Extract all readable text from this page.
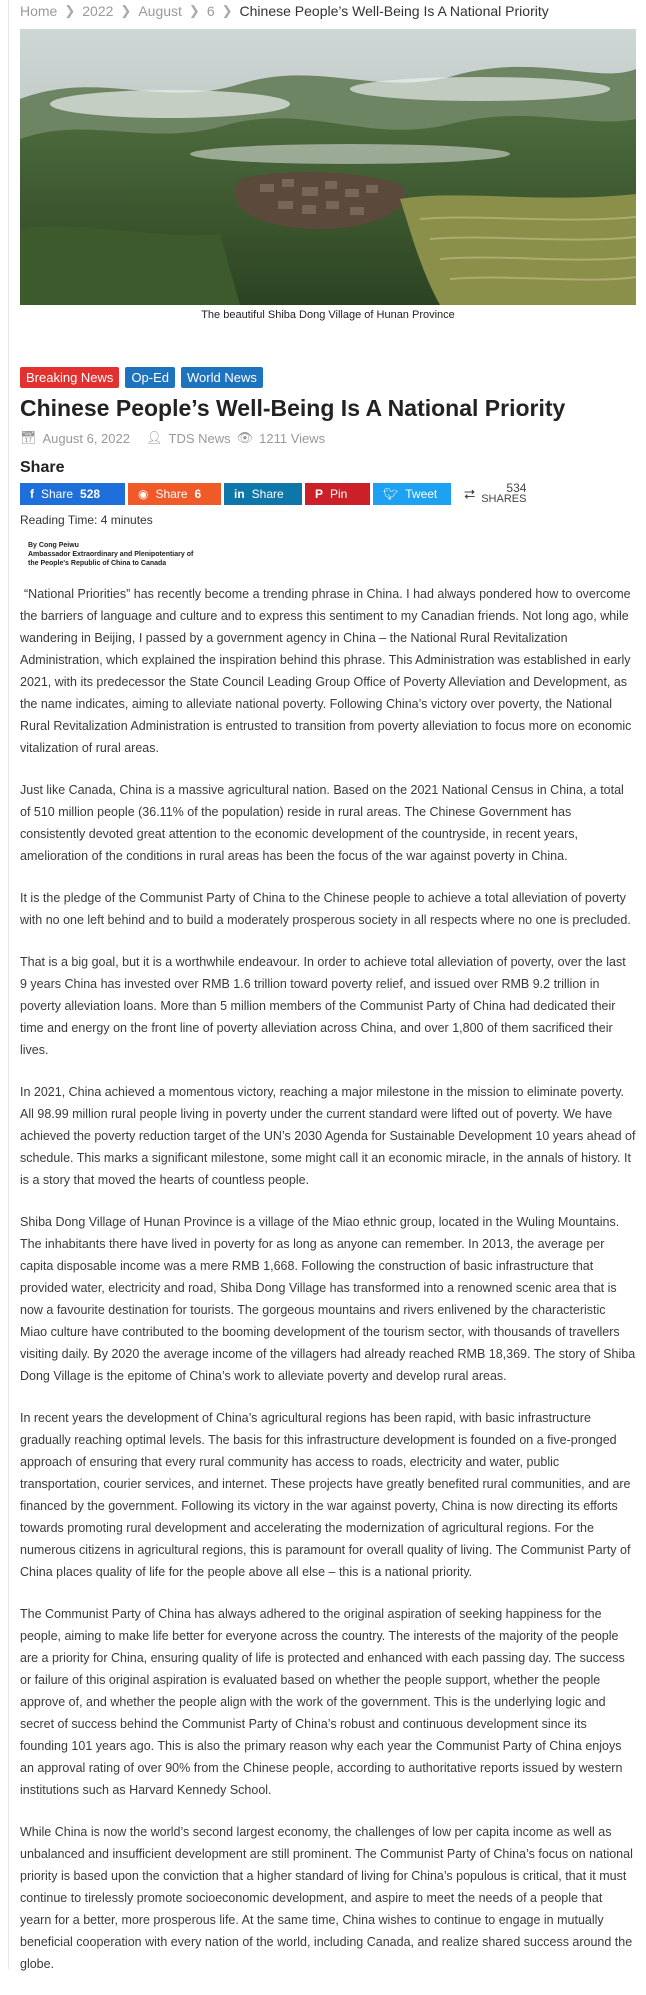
Home ❯ 2022 ❯ August ❯ 6 ❯ Chinese People’s Well-Being Is A National Priority
The beautiful Shiba Dong Village of Hunan Province
Breaking News	Op-Ed	World News
Chinese People’s Well-Being Is A National Priority
📅︎ August 6, 2022 👤︎ TDS News 👁︎ 1211 Views
Share
f Share 528	◉ Share 6	in Share	P Pin	🐦︎ Tweet ⮂	534
SHARES
Reading Time: 4 minutes
By Cong Peiwu
Ambassador Extraordinary and Plenipotentiary of
the People's Republic of China to Canada

“National Priorities” has recently become a trending phrase in China. I had always pondered how to overcome the barriers of language and culture and to express this sentiment to my Canadian friends. Not long ago, while wandering in Beijing, I passed by a government agency in China – the National Rural Revitalization Administration, which explained the inspiration behind this phrase. This Administration was established in early 2021, with its predecessor the State Council Leading Group Office of Poverty Alleviation and Development, as the name indicates, aiming to alleviate national poverty. Following China’s victory over poverty, the National Rural Revitalization Administration is entrusted to transition from poverty alleviation to focus more on economic vitalization of rural areas.

Just like Canada, China is a massive agricultural nation. Based on the 2021 National Census in China, a total of 510 million people (36.11% of the population) reside in rural areas. The Chinese Government has consistently devoted great attention to the economic development of the countryside, in recent years, amelioration of the conditions in rural areas has been the focus of the war against poverty in China.

It is the pledge of the Communist Party of China to the Chinese people to achieve a total alleviation of poverty with no one left behind and to build a moderately prosperous society in all respects where no one is precluded.

That is a big goal, but it is a worthwhile endeavour. In order to achieve total alleviation of poverty, over the last 9 years China has invested over RMB 1.6 trillion toward poverty relief, and issued over RMB 9.2 trillion in poverty alleviation loans. More than 5 million members of the Communist Party of China had dedicated their time and energy on the front line of poverty alleviation across China, and over 1,800 of them sacrificed their lives.

In 2021, China achieved a momentous victory, reaching a major milestone in the mission to eliminate poverty. All 98.99 million rural people living in poverty under the current standard were lifted out of poverty. We have achieved the poverty reduction target of the UN’s 2030 Agenda for Sustainable Development 10 years ahead of schedule. This marks a significant milestone, some might call it an economic miracle, in the annals of history. It is a story that moved the hearts of countless people.

Shiba Dong Village of Hunan Province is a village of the Miao ethnic group, located in the Wuling Mountains. The inhabitants there have lived in poverty for as long as anyone can remember. In 2013, the average per capita disposable income was a mere RMB 1,668. Following the construction of basic infrastructure that provided water, electricity and road, Shiba Dong Village has transformed into a renowned scenic area that is now a favourite destination for tourists. The gorgeous mountains and rivers enlivened by the characteristic Miao culture have contributed to the booming development of the tourism sector, with thousands of travellers visiting daily. By 2020 the average income of the villagers had already reached RMB 18,369. The story of Shiba Dong Village is the epitome of China’s work to alleviate poverty and develop rural areas.

In recent years the development of China’s agricultural regions has been rapid, with basic infrastructure gradually reaching optimal levels. The basis for this infrastructure development is founded on a five-pronged approach of ensuring that every rural community has access to roads, electricity and water, public transportation, courier services, and internet. These projects have greatly benefited rural communities, and are financed by the government. Following its victory in the war against poverty, China is now directing its efforts towards promoting rural development and accelerating the modernization of agricultural regions. For the numerous citizens in agricultural regions, this is paramount for overall quality of living. The Communist Party of China places quality of life for the people above all else – this is a national priority.

The Communist Party of China has always adhered to the original aspiration of seeking happiness for the people, aiming to make life better for everyone across the country. The interests of the majority of the people are a priority for China, ensuring quality of life is protected and enhanced with each passing day. The success or failure of this original aspiration is evaluated based on whether the people support, whether the people approve of, and whether the people align with the work of the government. This is the underlying logic and secret of success behind the Communist Party of China’s robust and continuous development since its founding 101 years ago. This is also the primary reason why each year the Communist Party of China enjoys an approval rating of over 90% from the Chinese people, according to authoritative reports issued by western institutions such as Harvard Kennedy School.

While China is now the world’s second largest economy, the challenges of low per capita income as well as unbalanced and insufficient development are still prominent. The Communist Party of China’s focus on national priority is based upon the conviction that a higher standard of living for China’s populous is critical, that it must continue to tirelessly promote socioeconomic development, and aspire to meet the needs of a people that yearn for a better, more prosperous life. At the same time, China wishes to continue to engage in mutually beneficial cooperation with every nation of the world, including Canada, and realize shared success around the globe.
